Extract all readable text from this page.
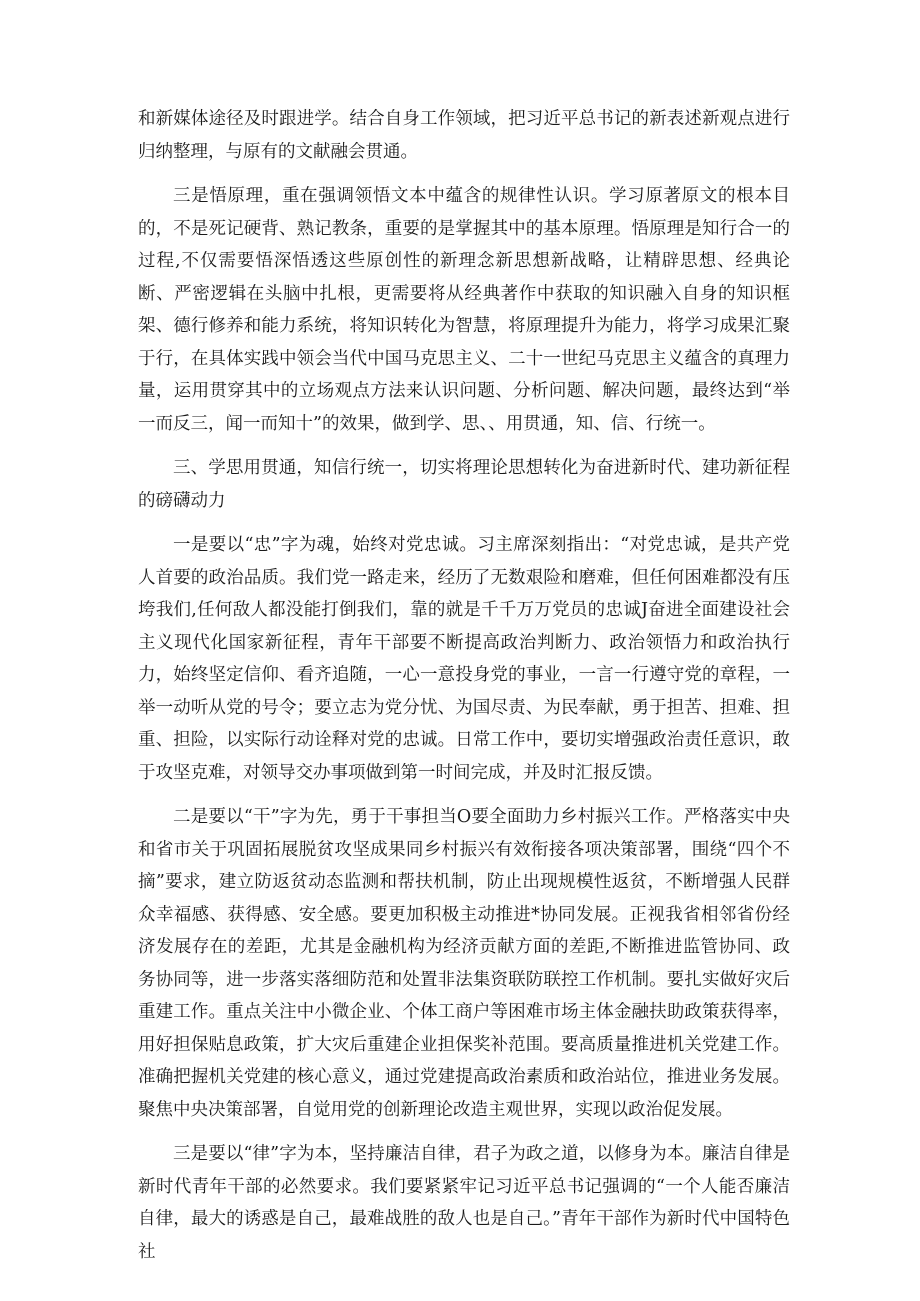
和新媒体途径及时跟进学。结合自身工作领域，把习近平总书记的新表述新观点进行归纳整理，与原有的文献融会贯通。

三是悟原理，重在强调领悟文本中蕴含的规律性认识。学习原著原文的根本目的，不是死记硬背、熟记教条，重要的是掌握其中的基本原理。悟原理是知行合一的过程,不仅需要悟深悟透这些原创性的新理念新思想新战略，让精辟思想、经典论断、严密逻辑在头脑中扎根，更需要将从经典著作中获取的知识融入自身的知识框架、德行修养和能力系统，将知识转化为智慧，将原理提升为能力，将学习成果汇聚于行，在具体实践中领会当代中国马克思主义、二十一世纪马克思主义蕴含的真理力量，运用贯穿其中的立场观点方法来认识问题、分析问题、解决问题，最终达到“举一而反三，闻一而知十”的效果，做到学、思、、用贯通，知、信、行统一。

三、学思用贯通，知信行统一，切实将理论思想转化为奋进新时代、建功新征程的磅礴动力

一是要以“忠”字为魂，始终对党忠诚。习主席深刻指出：“对党忠诚，是共产党人首要的政治品质。我们党一路走来，经历了无数艰险和磨难，但任何困难都没有压垮我们,任何敌人都没能打倒我们，靠的就是千千万万党员的忠诚J奋进全面建设社会主义现代化国家新征程，青年干部要不断提高政治判断力、政治领悟力和政治执行力，始终坚定信仰、看齐追随，一心一意投身党的事业，一言一行遵守党的章程，一举一动听从党的号令；要立志为党分忧、为国尽责、为民奉献，勇于担苦、担难、担重、担险，以实际行动诠释对党的忠诚。日常工作中，要切实增强政治责任意识，敢于攻坚克难，对领导交办事项做到第一时间完成，并及时汇报反馈。

二是要以“干”字为先，勇于干事担当O要全面助力乡村振兴工作。严格落实中央和省市关于巩固拓展脱贫攻坚成果同乡村振兴有效衔接各项决策部署，围绕“四个不摘”要求，建立防返贫动态监测和帮扶机制，防止出现规模性返贫，不断增强人民群众幸福感、获得感、安全感。要更加积极主动推进*协同发展。正视我省相邻省份经济发展存在的差距，尤其是金融机构为经济贡献方面的差距,不断推进监管协同、政务协同等，进一步落实落细防范和处置非法集资联防联控工作机制。要扎实做好灾后重建工作。重点关注中小微企业、个体工商户等困难市场主体金融扶助政策获得率，用好担保贴息政策，扩大灾后重建企业担保奖补范围。要高质量推进机关党建工作。准确把握机关党建的核心意义，通过党建提高政治素质和政治站位，推进业务发展。聚焦中央决策部署，自觉用党的创新理论改造主观世界，实现以政治促发展。

三是要以“律”字为本，坚持廉洁自律，君子为政之道，以修身为本。廉洁自律是新时代青年干部的必然要求。我们要紧紧牢记习近平总书记强调的“一个人能否廉洁自律，最大的诱惑是自己，最难战胜的敌人也是自己。”青年干部作为新时代中国特色社
